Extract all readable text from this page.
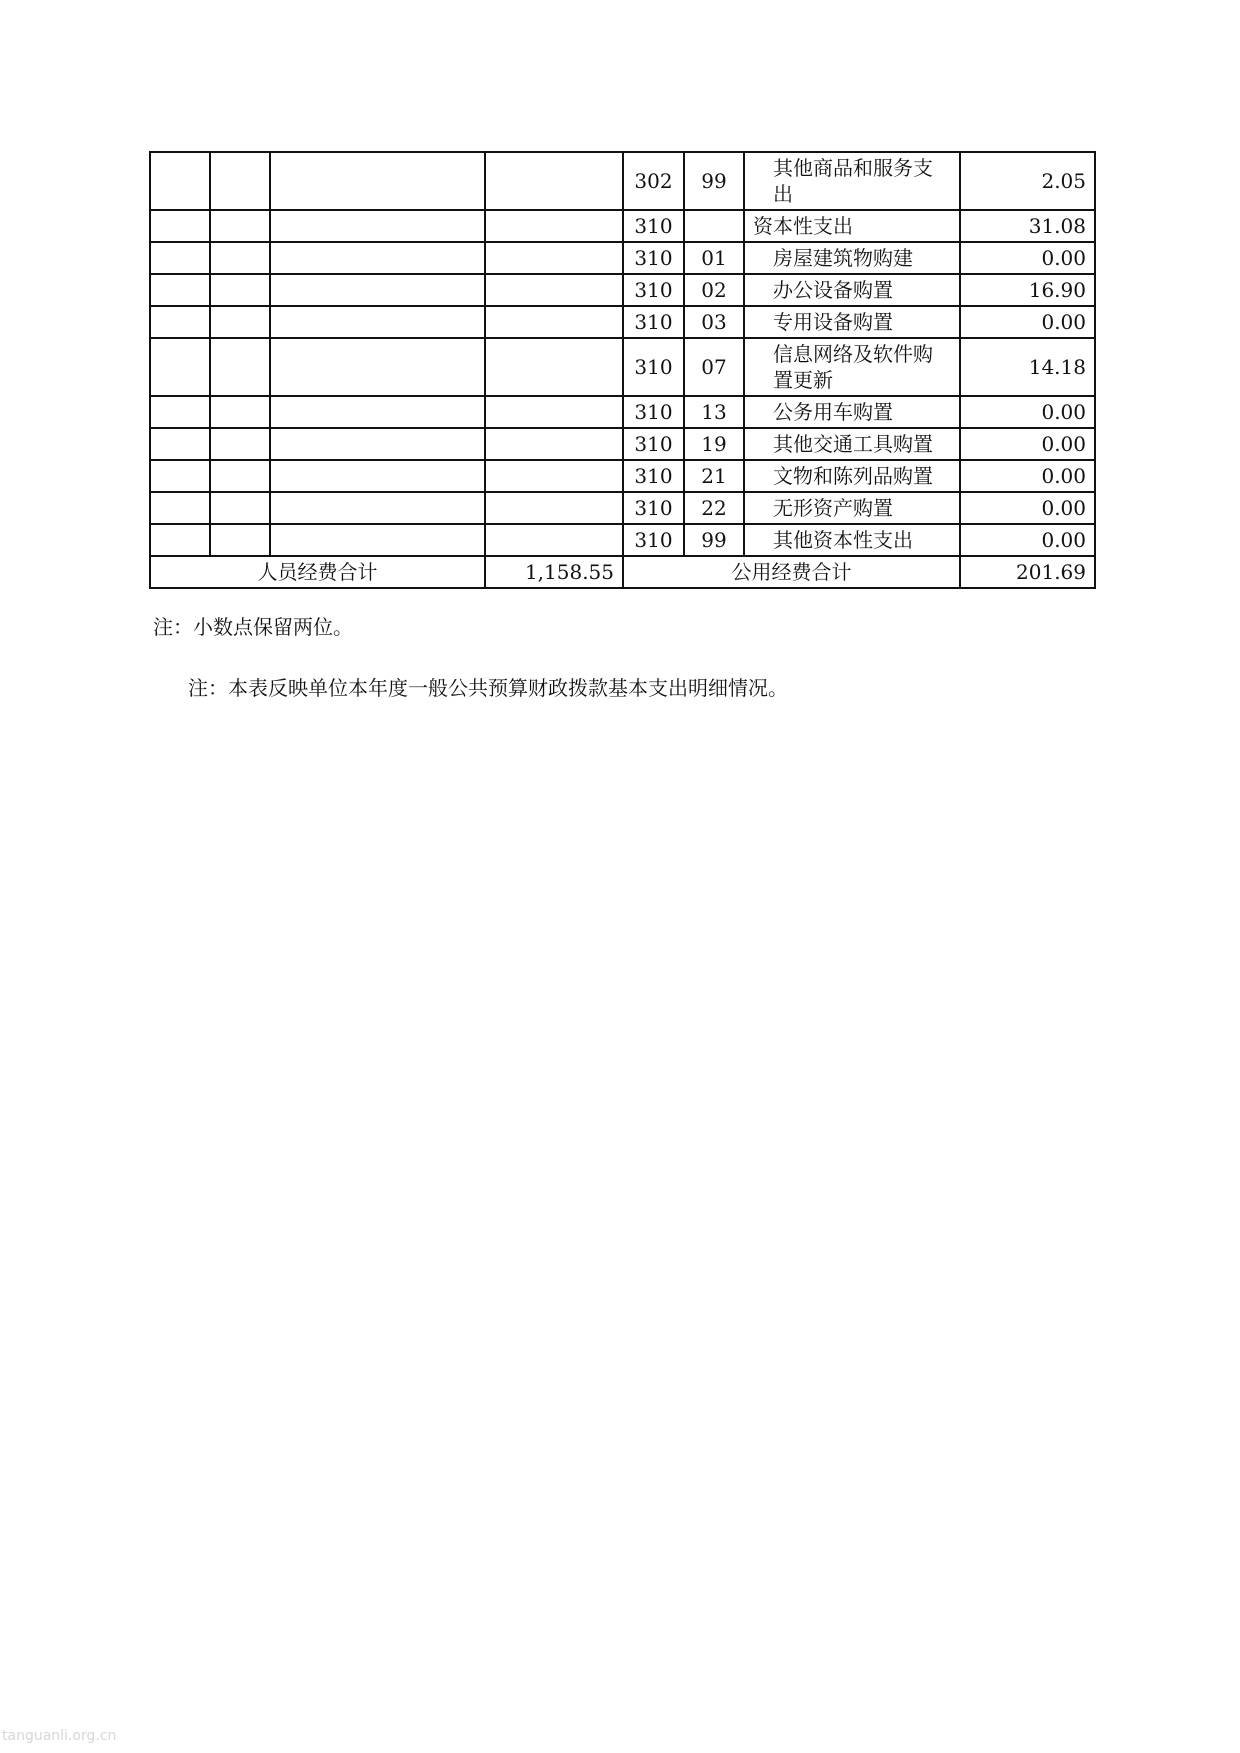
				302	99	其他商品和服务支出	2.05
				310		资本性支出	31.08
				310	01	房屋建筑物购建	0.00
				310	02	办公设备购置	16.90
				310	03	专用设备购置	0.00
				310	07	信息网络及软件购置更新	14.18
				310	13	公务用车购置	0.00
				310	19	其他交通工具购置	0.00
				310	21	文物和陈列品购置	0.00
				310	22	无形资产购置	0.00
				310	99	其他资本性支出	0.00
人员经费合计			1,158.55	公用经费合计			201.69
注：小数点保留两位。
注：本表反映单位本年度一般公共预算财政拨款基本支出明细情况。
tanguanli.org.cn
